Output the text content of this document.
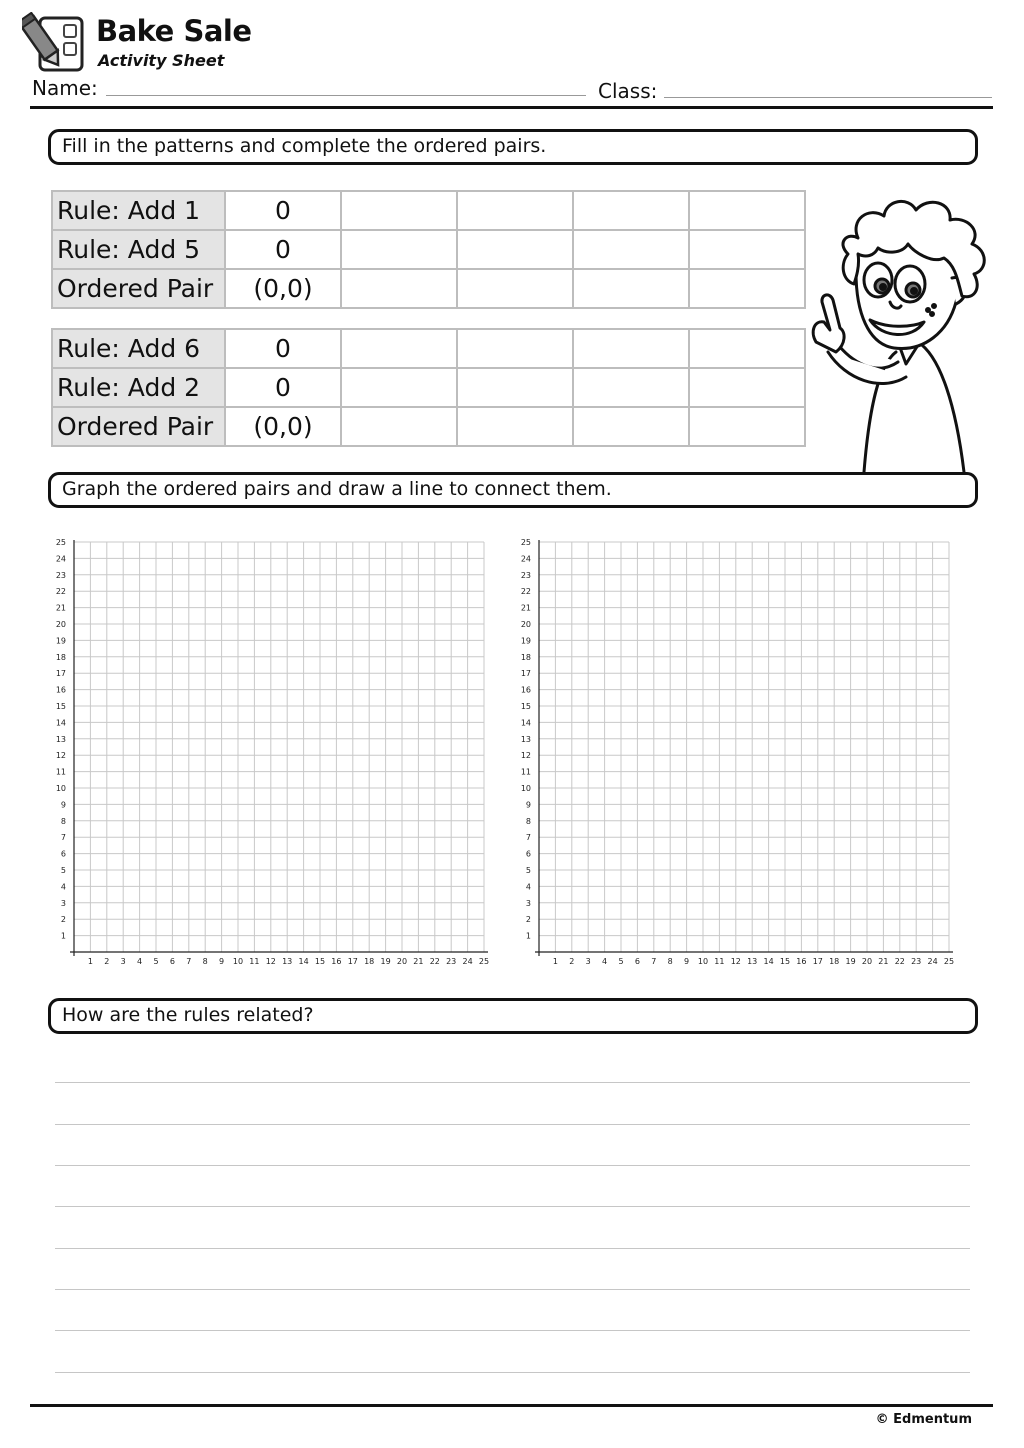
Bake Sale
Activity Sheet
Name:	Class:
Fill in the patterns and complete the ordered pairs.
Rule: Add 1	0				
Rule: Add 5	0				
Ordered Pair	(0,0)				
Rule: Add 6	0				
Rule: Add 2	0				
Ordered Pair	(0,0)				
Graph the ordered pairs and draw a line to connect them.
1 2 3 4 5 6 7 8 9 10 11 12 13 14 15 16 17 18 19 20 21 22 23 24 25
1
2
3
4
5
6
7
8
9
10
11
12
13
14
15
16
17
18
19
20
21
22
23
24
25
1 2 3 4 5 6 7 8 9 10 11 12 13 14 15 16 17 18 19 20 21 22 23 24 25
1
2
3
4
5
6
7
8
9
10
11
12
13
14
15
16
17
18
19
20
21
22
23
24
25
How are the rules related?
© Edmentum
